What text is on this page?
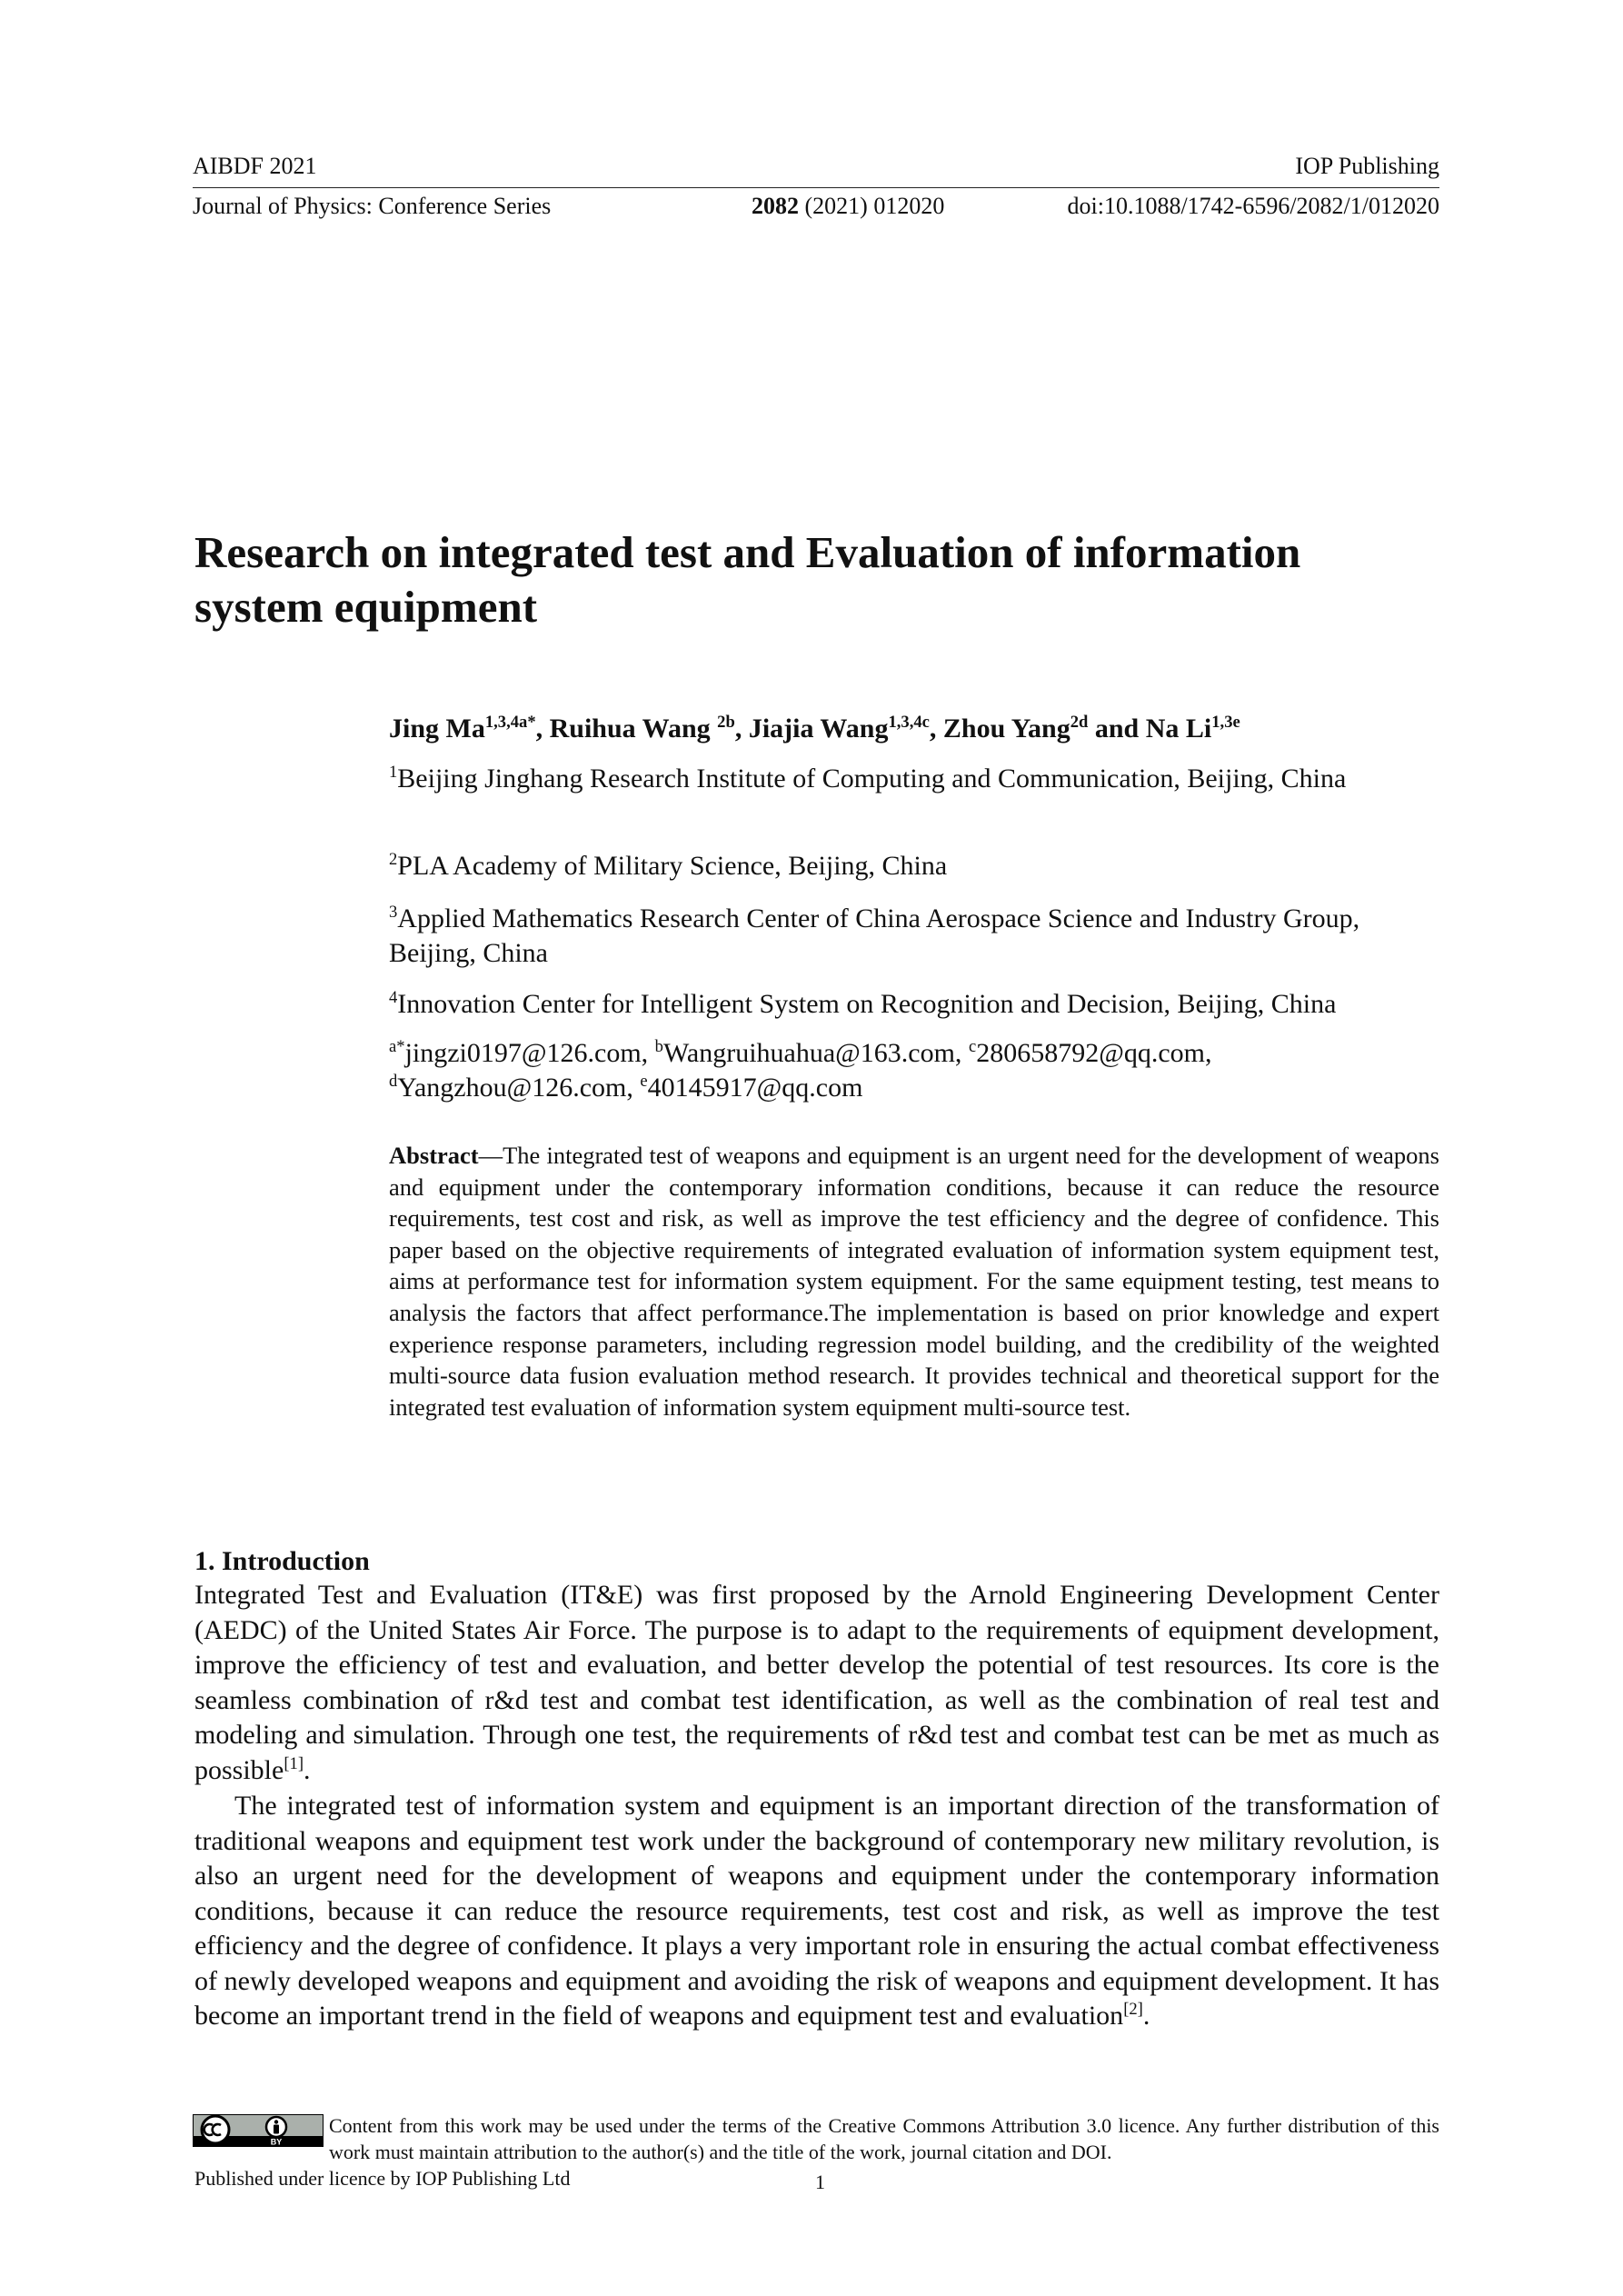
AIBDF 2021	IOP Publishing
Journal of Physics: Conference Series	2082 (2021) 012020	doi:10.1088/1742-6596/2082/1/012020
Research on integrated test and Evaluation of information system equipment
Jing $Ma^{1,3,4a*}$, Ruihua Wang $^{2b}$, Jiajia Wang$^{1,3,4c}$, Zhou Yang$^{2d}$ and Na $Li^{1,3e}$
$^1$Beijing Jinghang Research Institute of Computing and Communication, Beijing, China
$^2$PLA Academy of Military Science, Beijing, China
$^3$Applied Mathematics Research Center of China Aerospace Science and Industry Group, Beijing, China
$^4$Innovation Center for Intelligent System on Recognition and Decision, Beijing, China
$^{a*}$jingzi0197@126.com, $^b$Wangruihuahua@163.com, $^c$280658792@qq.com,
$^d$Yangzhou@126.com, $^e$40145917@qq.com
Abstract—The integrated test of weapons and equipment is an urgent need for the development of weapons and equipment under the contemporary information conditions, because it can reduce the resource requirements, test cost and risk, as well as improve the test efficiency and the degree of confidence. This paper based on the objective requirements of integrated evaluation of information system equipment test, aims at performance test for information system equipment. For the same equipment testing, test means to analysis the factors that affect performance.The implementation is based on prior knowledge and expert experience response parameters, including regression model building, and the credibility of the weighted multi-source data fusion evaluation method research. It provides technical and theoretical support for the integrated test evaluation of information system equipment multi-source test.
1. Introduction
Integrated Test and Evaluation (IT&E) was first proposed by the Arnold Engineering Development Center (AEDC) of the United States Air Force. The purpose is to adapt to the requirements of equipment development, improve the efficiency of test and evaluation, and better develop the potential of test resources. Its core is the seamless combination of r&d test and combat test identification, as well as the combination of real test and modeling and simulation. Through one test, the requirements of r&d test and combat test can be met as much as possible[1].
The integrated test of information system and equipment is an important direction of the transformation of traditional weapons and equipment test work under the background of contemporary new military revolution, is also an urgent need for the development of weapons and equipment under the contemporary information conditions, because it can reduce the resource requirements, test cost and risk, as well as improve the test efficiency and the degree of confidence. It plays a very important role in ensuring the actual combat effectiveness of newly developed weapons and equipment and avoiding the risk of weapons and equipment development. It has become an important trend in the field of weapons and equipment test and evaluation[2].
BY
Content from this work may be used under the terms of the Creative Commons Attribution 3.0 licence. Any further distribution of this work must maintain attribution to the author(s) and the title of the work, journal citation and DOI.
Published under licence by IOP Publishing Ltd	1
